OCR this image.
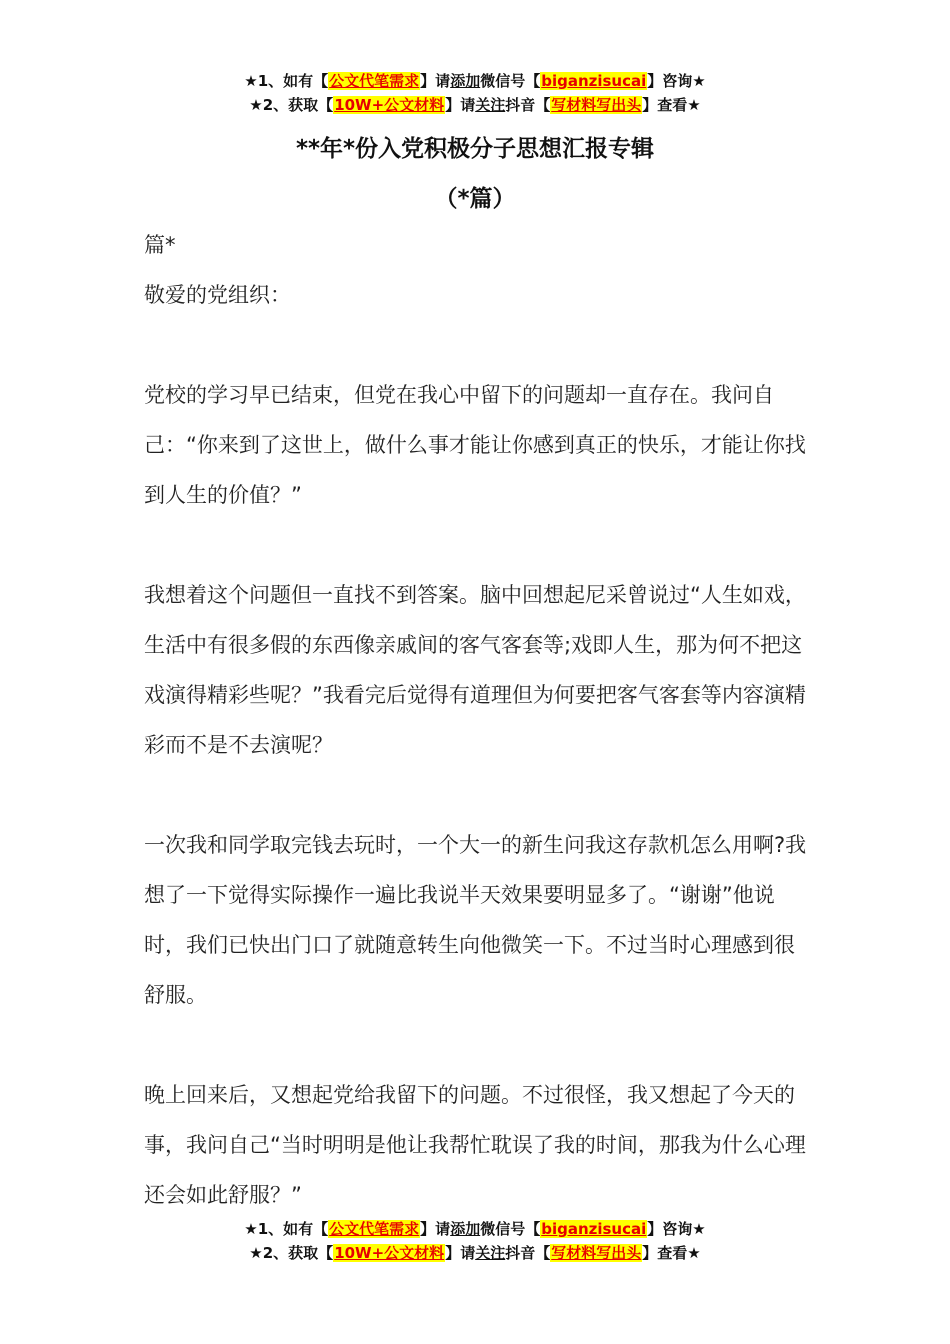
★1、如有【公文代笔需求】请添加微信号【biganzisucai】咨询★
★2、获取【10W+公文材料】请关注抖音【写材料写出头】查看★
**年*份入党积极分子思想汇报专辑
（*篇）

篇*

敬爱的党组织：

党校的学习早已结束，但党在我心中留下的问题却一直存在。我问自己：“你来到了这世上，做什么事才能让你感到真正的快乐，才能让你找到人生的价值？”

我想着这个问题但一直找不到答案。脑中回想起尼采曾说过“人生如戏，生活中有很多假的东西像亲戚间的客气客套等;戏即人生，那为何不把这戏演得精彩些呢？”我看完后觉得有道理但为何要把客气客套等内容演精彩而不是不去演呢？

一次我和同学取完钱去玩时，一个大一的新生问我这存款机怎么用啊?我想了一下觉得实际操作一遍比我说半天效果要明显多了。“谢谢”他说时，我们已快出门口了就随意转生向他微笑一下。不过当时心理感到很舒服。

晚上回来后，又想起党给我留下的问题。不过很怪，我又想起了今天的事，我问自己“当时明明是他让我帮忙耽误了我的时间，那我为什么心理还会如此舒服？”

★1、如有【公文代笔需求】请添加微信号【biganzisucai】咨询★
★2、获取【10W+公文材料】请关注抖音【写材料写出头】查看★
